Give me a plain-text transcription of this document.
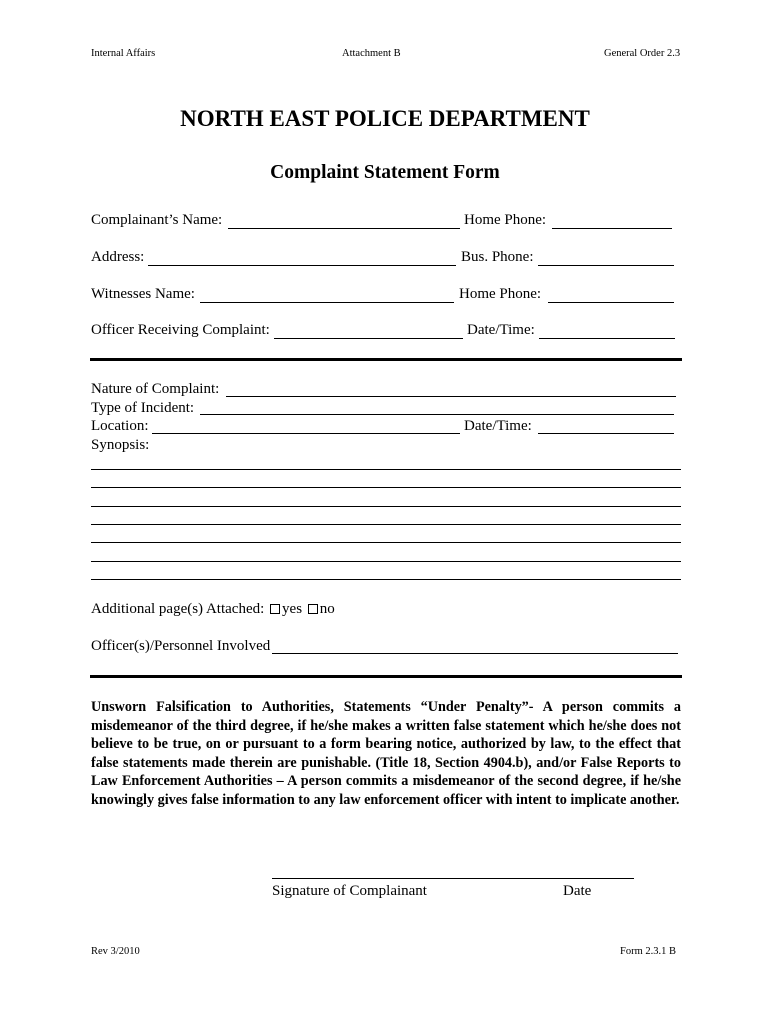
Internal Affairs	Attachment B	General Order 2.3
NORTH EAST POLICE DEPARTMENT
Complaint Statement Form
Complainant’s Name:	Home Phone:
Address:	Bus. Phone:
Witnesses Name:	Home Phone:
Officer Receiving Complaint:	Date/Time:
Nature of Complaint:
Type of Incident:
Location:	Date/Time:
Synopsis:
Additional page(s) Attached: yes no
Officer(s)/Personnel Involved
Unsworn Falsification to Authorities, Statements “Under Penalty”- A person commits a misdemeanor of the third degree, if he/she makes a written false statement which he/she does not believe to be true, on or pursuant to a form bearing notice, authorized by law, to the effect that false statements made therein are punishable. (Title 18, Section 4904.b), and/or False Reports to Law Enforcement Authorities – A person commits a misdemeanor of the second degree, if he/she knowingly gives false information to any law enforcement officer with intent to implicate another.
Signature of Complainant	Date
Rev 3/2010	Form 2.3.1 B
